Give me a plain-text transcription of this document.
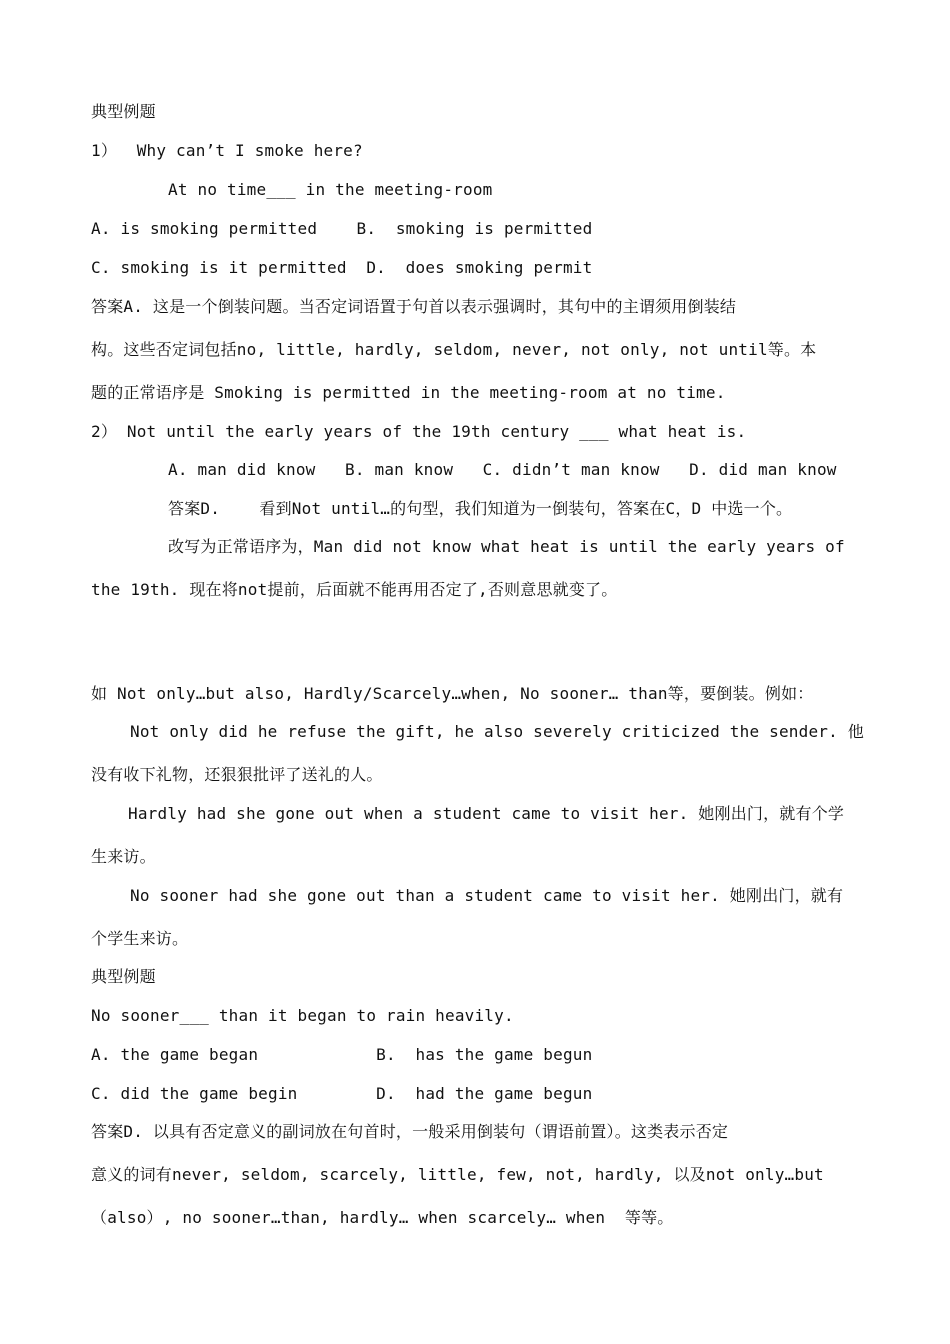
典型例题
1）  Why can’t I smoke here?
At no time___ in the meeting-room
A. is smoking permitted    B.  smoking is permitted
C. smoking is it permitted  D.  does smoking permit
答案A. 这是一个倒装问题。当否定词语置于句首以表示强调时，其句中的主谓须用倒装结
构。这些否定词包括no, little, hardly, seldom, never, not only, not until等。本
题的正常语序是 Smoking is permitted in the meeting-room at no time.
2） Not until the early years of the 19th century ___ what heat is.
A. man did know   B. man know   C. didn’t man know   D. did man know
答案D.    看到Not until…的句型，我们知道为一倒装句，答案在C，D 中选一个。
改写为正常语序为，Man did not know what heat is until the early years of
the 19th. 现在将not提前，后面就不能再用否定了,否则意思就变了。
如 Not only…but also, Hardly/Scarcely…when, No sooner… than等，要倒装。例如：
Not only did he refuse the gift, he also severely criticized the sender. 他
没有收下礼物，还狠狠批评了送礼的人。
Hardly had she gone out when a student came to visit her. 她刚出门，就有个学
生来访。
No sooner had she gone out than a student came to visit her. 她刚出门，就有
个学生来访。
典型例题
No sooner___ than it began to rain heavily.
A. the game began            B.  has the game begun
C. did the game begin        D.  had the game begun
答案D. 以具有否定意义的副词放在句首时，一般采用倒装句（谓语前置）。这类表示否定
意义的词有never, seldom, scarcely, little, few, not, hardly, 以及not only…but
（also）, no sooner…than, hardly… when scarcely… when  等等。
